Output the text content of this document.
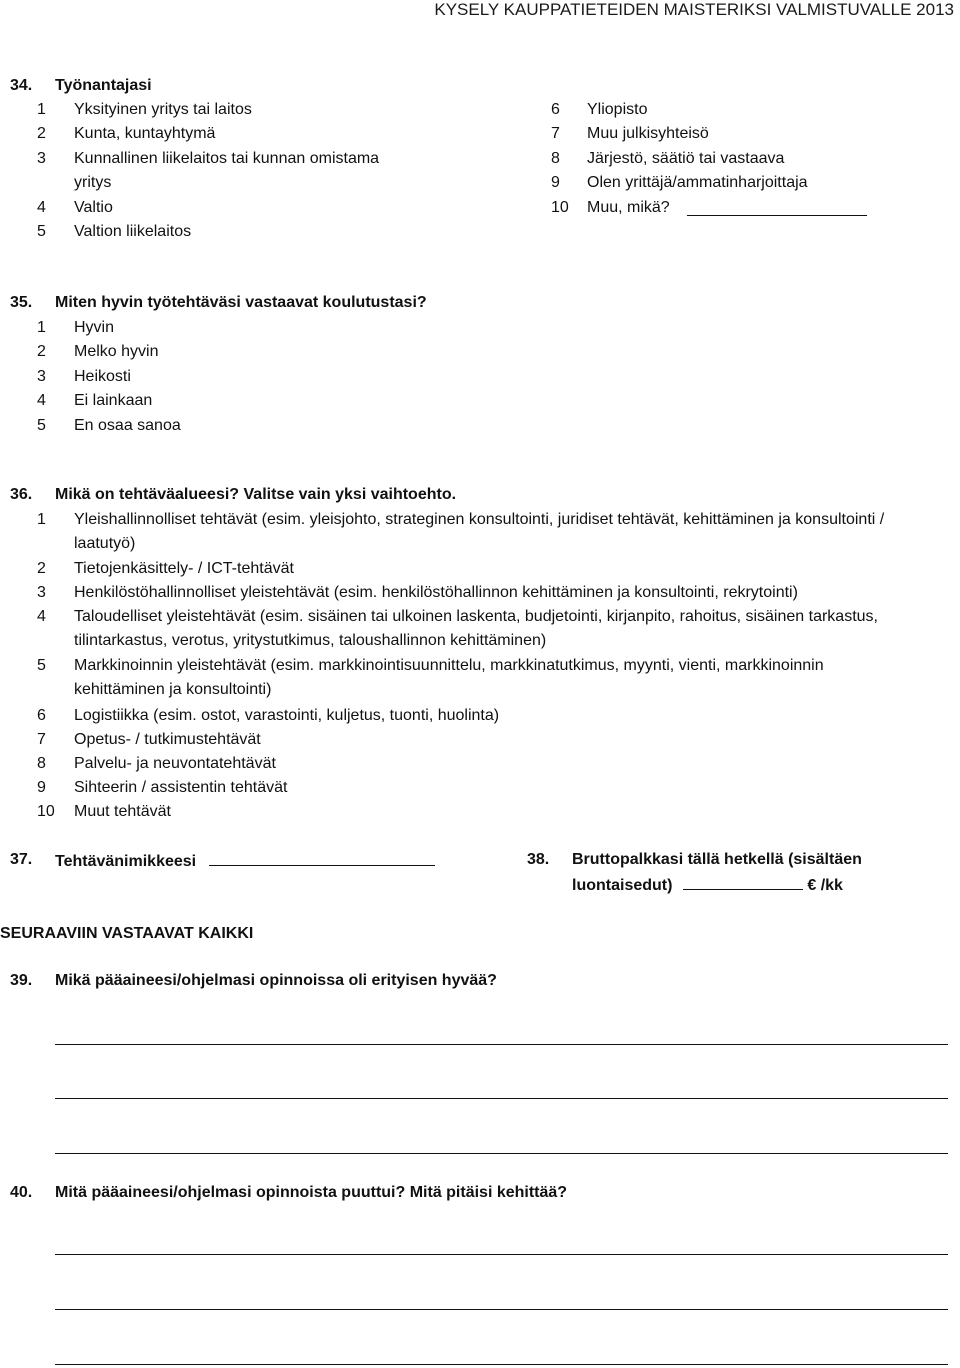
KYSELY KAUPPATIETEIDEN MAISTERIKSI VALMISTUVALLE 2013
34. Työnantajasi
1 Yksityinen yritys tai laitos
2 Kunta, kuntayhtymä
3 Kunnallinen liikelaitos tai kunnan omistama
yritys
4 Valtio
5 Valtion liikelaitos
6 Yliopisto
7 Muu julkisyhteisö
8 Järjestö, säätiö tai vastaava
9 Olen yrittäjä/ammatinharjoittaja
10 Muu, mikä?
35. Miten hyvin työtehtäväsi vastaavat koulutustasi?
1 Hyvin
2 Melko hyvin
3 Heikosti
4 Ei lainkaan
5 En osaa sanoa
36. Mikä on tehtäväalueesi? Valitse vain yksi vaihtoehto.
1 Yleishallinnolliset tehtävät (esim. yleisjohto, strateginen konsultointi, juridiset tehtävät, kehittäminen ja konsultointi / laatutyö)
2 Tietojenkäsittely- / ICT-tehtävät
3 Henkilöstöhallinnolliset yleistehtävät (esim. henkilöstöhallinnon kehittäminen ja konsultointi, rekrytointi)
4 Taloudelliset yleistehtävät (esim. sisäinen tai ulkoinen laskenta, budjetointi, kirjanpito, rahoitus, sisäinen tarkastus, tilintarkastus, verotus, yritystutkimus, taloushallinnon kehittäminen)
5 Markkinoinnin yleistehtävät (esim. markkinointisuunnittelu, markkinatutkimus, myynti, vienti, markkinoinnin kehittäminen ja konsultointi)
6 Logistiikka (esim. ostot, varastointi, kuljetus, tuonti, huolinta)
7 Opetus- / tutkimustehtävät
8 Palvelu- ja neuvontatehtävät
9 Sihteerin / assistentin tehtävät
10 Muut tehtävät
37. Tehtävänimikkeesi	38. Bruttopalkkasi tällä hetkellä (sisältäen
luontaisedut)	€ /kk
SEURAAVIIN VASTAAVAT KAIKKI
39. Mikä pääaineesi/ohjelmasi opinnoissa oli erityisen hyvää?
40. Mitä pääaineesi/ohjelmasi opinnoista puuttui? Mitä pitäisi kehittää?
